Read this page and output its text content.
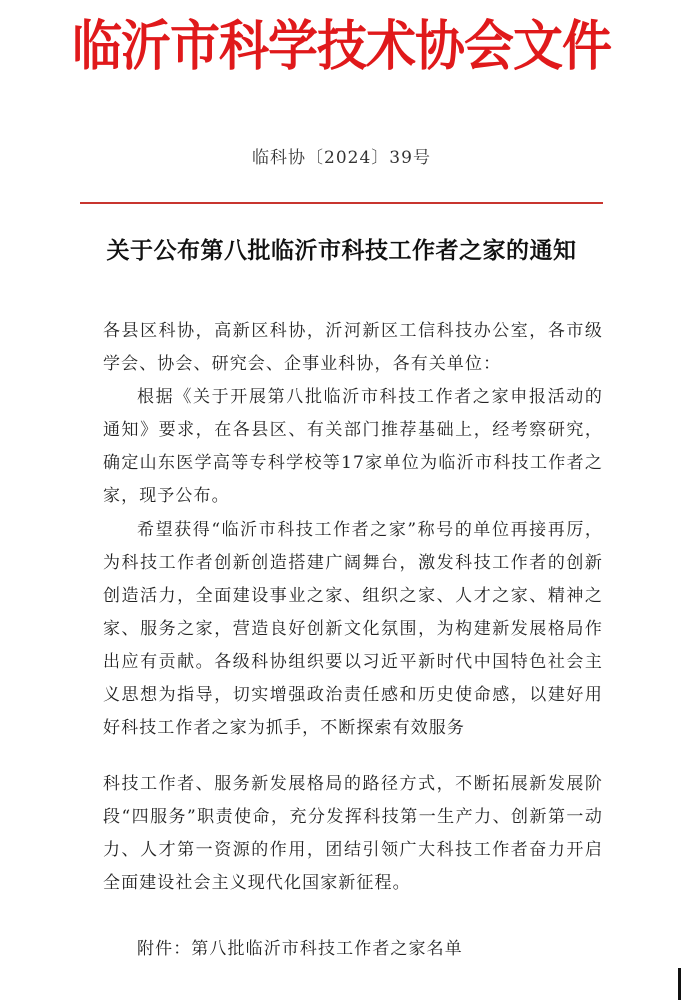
临沂市科学技术协会文件
临科协〔2024〕39号
关于公布第八批临沂市科技工作者之家的通知
各县区科协，高新区科协，沂河新区工信科技办公室，各市级学会、协会、研究会、企事业科协，各有关单位：
根据《关于开展第八批临沂市科技工作者之家申报活动的通知》要求，在各县区、有关部门推荐基础上，经考察研究，确定山东医学高等专科学校等17家单位为临沂市科技工作者之家，现予公布。
希望获得“临沂市科技工作者之家”称号的单位再接再厉，为科技工作者创新创造搭建广阔舞台，激发科技工作者的创新创造活力，全面建设事业之家、组织之家、人才之家、精神之家、服务之家，营造良好创新文化氛围，为构建新发展格局作出应有贡献。各级科协组织要以习近平新时代中国特色社会主义思想为指导，切实增强政治责任感和历史使命感，以建好用好科技工作者之家为抓手，不断探索有效服务
科技工作者、服务新发展格局的路径方式，不断拓展新发展阶段“四服务”职责使命，充分发挥科技第一生产力、创新第一动力、人才第一资源的作用，团结引领广大科技工作者奋力开启全面建设社会主义现代化国家新征程。
附件：第八批临沂市科技工作者之家名单
